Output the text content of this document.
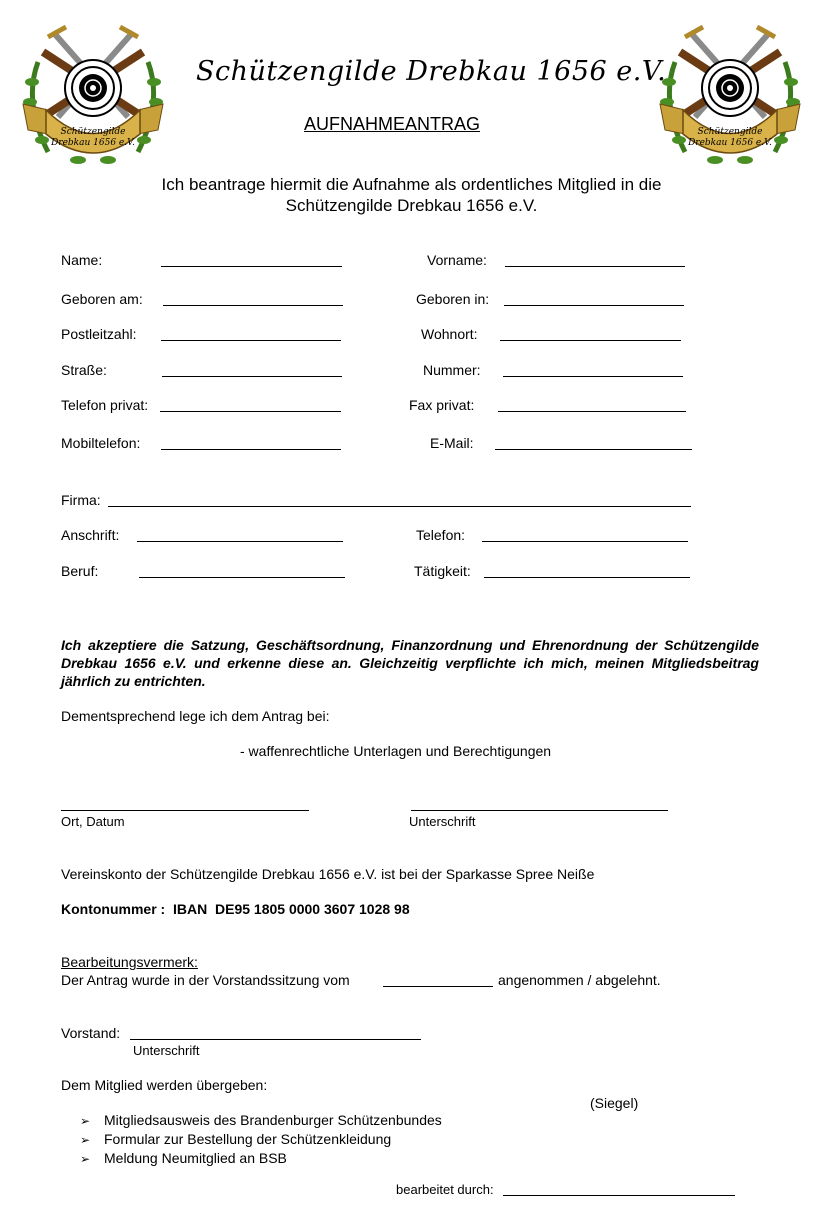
Schützengilde
Drebkau 1656 e.V.
Schützengilde
Drebkau 1656 e.V.
Schützengilde Drebkau 1656 e.V.
AUFNAHMEANTRAG
Ich beantrage hiermit die Aufnahme als ordentliches Mitglied in die
Schützengilde Drebkau 1656 e.V.
Name:	Vorname:
Geboren am:	Geboren in:
Postleitzahl:	Wohnort:
Straße:	Nummer:
Telefon privat:	Fax privat:
Mobiltelefon:	E-Mail:
Firma:
Anschrift:	Telefon:
Beruf:	Tätigkeit:
Ich akzeptiere die Satzung, Geschäftsordnung, Finanzordnung und Ehrenordnung der Schützengilde Drebkau 1656 e.V. und erkenne diese an. Gleichzeitig verpflichte ich mich, meinen Mitgliedsbeitrag jährlich zu entrichten.
Dementsprechend lege ich dem Antrag bei:
- waffenrechtliche Unterlagen und Berechtigungen
Ort, Datum	Unterschrift
Vereinskonto der Schützengilde Drebkau 1656 e.V. ist bei der Sparkasse Spree Neiße
Kontonummer :  IBAN  DE95 1805 0000 3607 1028 98
Bearbeitungsvermerk:
Der Antrag wurde in der Vorstandssitzung vom	angenommen / abgelehnt.
Vorstand:
Unterschrift
Dem Mitglied werden übergeben:
(Siegel)
➢ Mitgliedsausweis des Brandenburger Schützenbundes
➢ Formular zur Bestellung der Schützenkleidung
➢ Meldung Neumitglied an BSB
bearbeitet durch:
